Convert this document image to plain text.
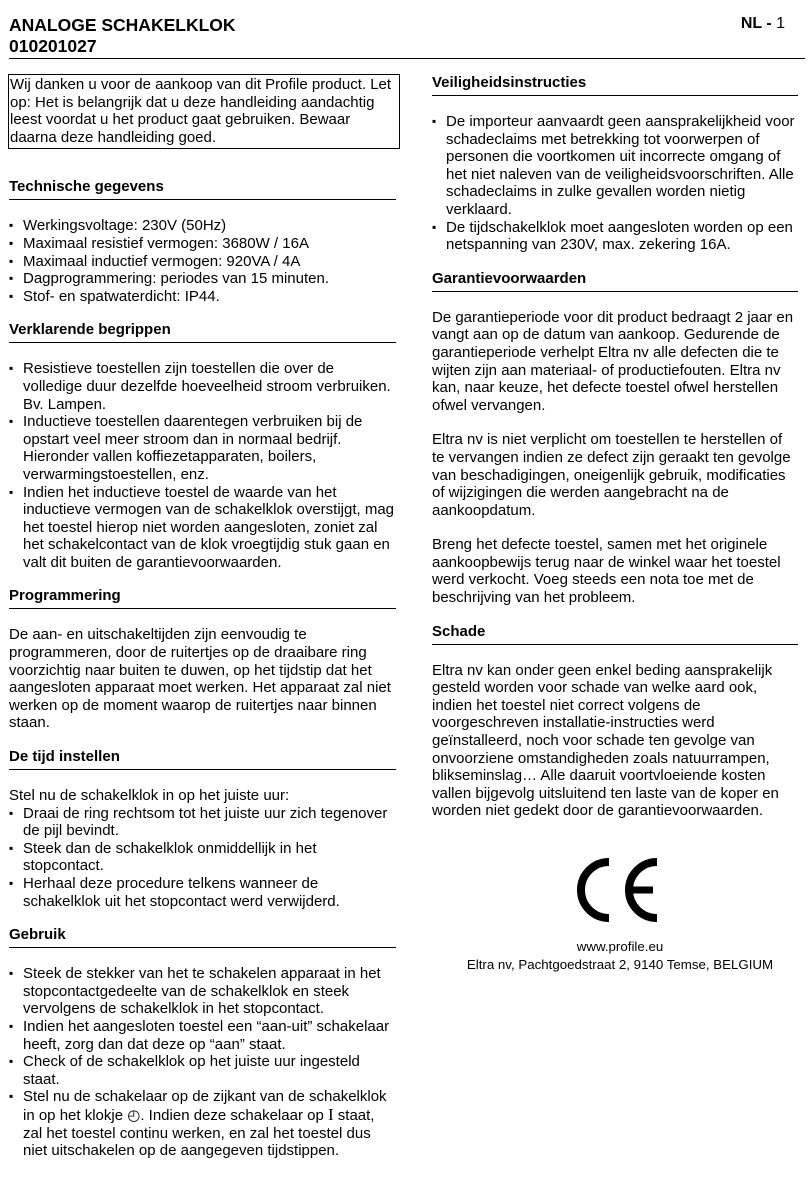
ANALOGE SCHAKELKLOK
010201027
NL - 1

Wij danken u voor de aankoop van dit Profile product. Let op: Het is belangrijk dat u deze handleiding aandachtig leest voordat u het product gaat gebruiken. Bewaar daarna deze handleiding goed.

Technische gegevens
▪ Werkingsvoltage: 230V (50Hz)
▪ Maximaal resistief vermogen: 3680W / 16A
▪ Maximaal inductief vermogen: 920VA / 4A
▪ Dagprogrammering: periodes van 15 minuten.
▪ Stof- en spatwaterdicht: IP44.
Verklarende begrippen
▪ Resistieve toestellen zijn toestellen die over de volledige duur dezelfde hoeveelheid stroom verbruiken. Bv. Lampen.
▪ Inductieve toestellen daarentegen verbruiken bij de opstart veel meer stroom dan in normaal bedrijf. Hieronder vallen koffiezetapparaten, boilers, verwarmingstoestellen, enz.
▪ Indien het inductieve toestel de waarde van het inductieve vermogen van de schakelklok overstijgt, mag het toestel hierop niet worden aangesloten, zoniet zal het schakelcontact van de klok vroegtijdig stuk gaan en valt dit buiten de garantievoorwaarden.
Programmering

De aan- en uitschakeltijden zijn eenvoudig te programmeren, door de ruitertjes op de draaibare ring voorzichtig naar buiten te duwen, op het tijdstip dat het aangesloten apparaat moet werken. Het apparaat zal niet werken op de moment waarop de ruitertjes naar binnen staan.

De tijd instellen

Stel nu de schakelklok in op het juiste uur:

▪ Draai de ring rechtsom tot het juiste uur zich tegenover de pijl bevindt.
▪ Steek dan de schakelklok onmiddellijk in het stopcontact.
▪ Herhaal deze procedure telkens wanneer de schakelklok uit het stopcontact werd verwijderd.
Gebruik
▪ Steek de stekker van het te schakelen apparaat in het stopcontactgedeelte van de schakelklok en steek vervolgens de schakelklok in het stopcontact.
▪ Indien het aangesloten toestel een “aan-uit” schakelaar heeft, zorg dan dat deze op “aan” staat.
▪ Check of de schakelklok op het juiste uur ingesteld staat.
▪ Stel nu de schakelaar op de zijkant van de schakelklok in op het klokje ◴. Indien deze schakelaar op I staat, zal het toestel continu werken, en zal het toestel dus niet uitschakelen op de aangegeven tijdstippen.
Veiligheidsinstructies
▪ De importeur aanvaardt geen aansprakelijkheid voor schadeclaims met betrekking tot voorwerpen of personen die voortkomen uit incorrecte omgang of het niet naleven van de veiligheidsvoorschriften. Alle schadeclaims in zulke gevallen worden nietig verklaard.
▪ De tijdschakelklok moet aangesloten worden op een netspanning van 230V, max. zekering 16A.
Garantievoorwaarden

De garantieperiode voor dit product bedraagt 2 jaar en vangt aan op de datum van aankoop. Gedurende de garantieperiode verhelpt Eltra nv alle defecten die te wijten zijn aan materiaal- of productiefouten. Eltra nv kan, naar keuze, het defecte toestel ofwel herstellen ofwel vervangen.

Eltra nv is niet verplicht om toestellen te herstellen of te vervangen indien ze defect zijn geraakt ten gevolge van beschadigingen, oneigenlijk gebruik, modificaties of wijzigingen die werden aangebracht na de aankoopdatum.

Breng het defecte toestel, samen met het originele aankoopbewijs terug naar de winkel waar het toestel werd verkocht. Voeg steeds een nota toe met de beschrijving van het probleem.

Schade

Eltra nv kan onder geen enkel beding aansprakelijk gesteld worden voor schade van welke aard ook, indien het toestel niet correct volgens de voorgeschreven installatie-instructies werd geïnstalleerd, noch voor schade ten gevolge van onvoorziene omstandigheden zoals natuurrampen, blikseminslag… Alle daaruit voortvloeiende kosten vallen bijgevolg uitsluitend ten laste van de koper en worden niet gedekt door de garantievoorwaarden.

www.profile.eu
Eltra nv, Pachtgoedstraat 2, 9140 Temse, BELGIUM
